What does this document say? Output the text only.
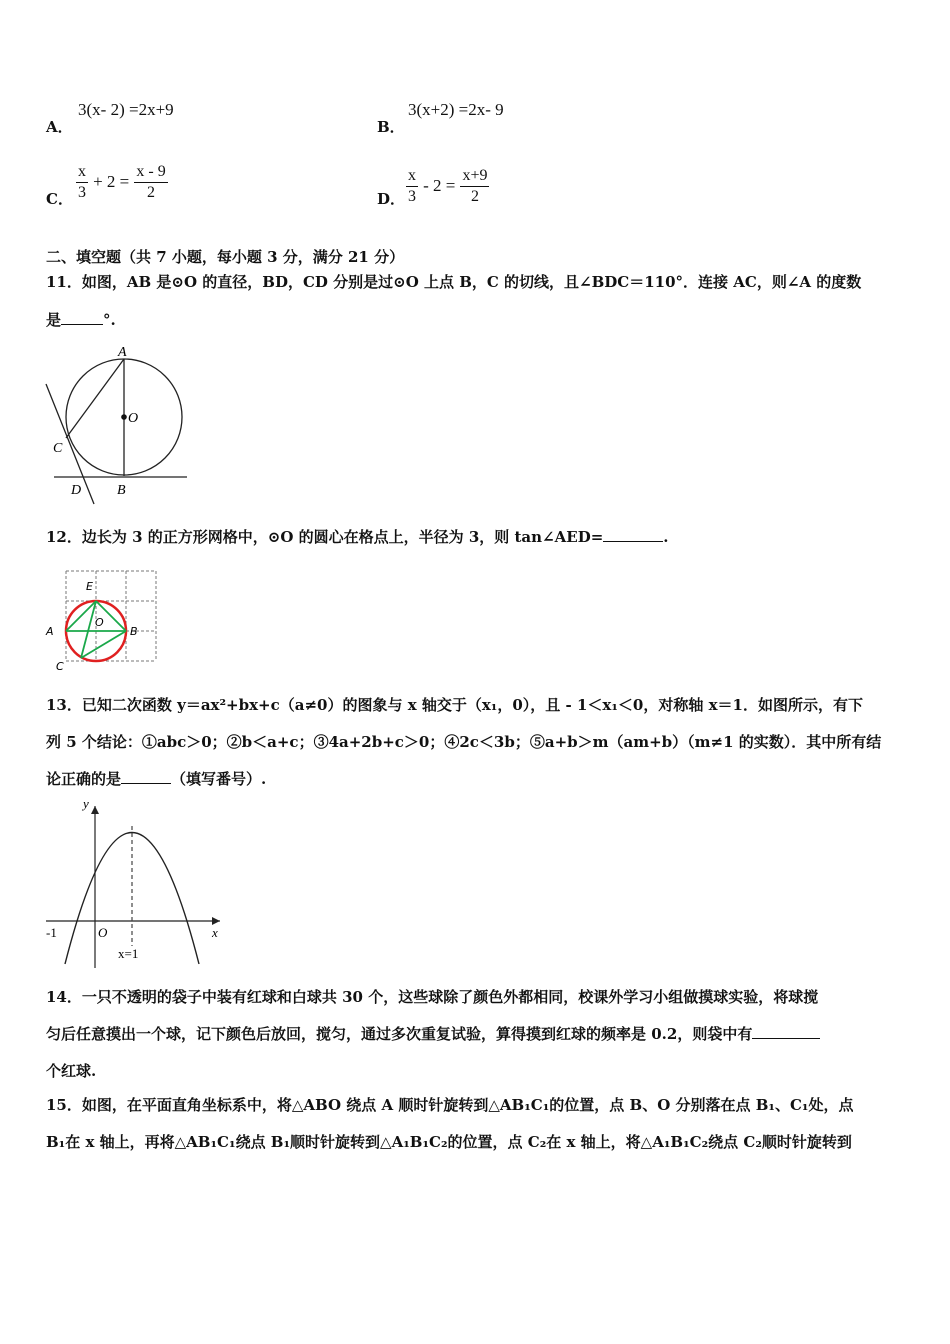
A．
3(x- 2) =2x+9
B．
3(x+2) =2x- 9
C． $\frac{x}{3} + 2 = \frac{x - 9}{2}$	D． $\frac{x}{3} - 2 = \frac{x+9}{2}$
二、填空题（共 7 小题，每小题 3 分，满分 21 分）
11．如图，AB 是⊙O 的直径，BD，CD 分别是过⊙O 上点 B，C 的切线，且∠BDC＝110°．连接 AC，则∠A 的度数
是	°.
A
O
C
D	B
12．边长为 3 的正方形网格中，⊙O 的圆心在格点上，半径为 3，则 tan∠AED=	.
E
O
A	B
C
13．已知二次函数 y＝ax²+bx+c（a≠0）的图象与 x 轴交于（x₁，0），且 - 1＜x₁＜0，对称轴 x＝1．如图所示，有下
列 5 个结论：①abc＞0；②b＜a+c；③4a+2b+c＞0；④2c＜3b；⑤a+b＞m（am+b）（m≠1 的实数）．其中所有结
论正确的是	（填写番号）.
y
x
-1	O
x=1
14．一只不透明的袋子中装有红球和白球共 30 个，这些球除了颜色外都相同，校课外学习小组做摸球实验，将球搅
匀后任意摸出一个球，记下颜色后放回，搅匀，通过多次重复试验，算得摸到红球的频率是 0.2，则袋中有
个红球.
15．如图，在平面直角坐标系中，将△ABO 绕点 A 顺时针旋转到△AB₁C₁的位置，点 B、O 分别落在点 B₁、C₁处，点
B₁在 x 轴上，再将△AB₁C₁绕点 B₁顺时针旋转到△A₁B₁C₂的位置，点 C₂在 x 轴上，将△A₁B₁C₂绕点 C₂顺时针旋转到
